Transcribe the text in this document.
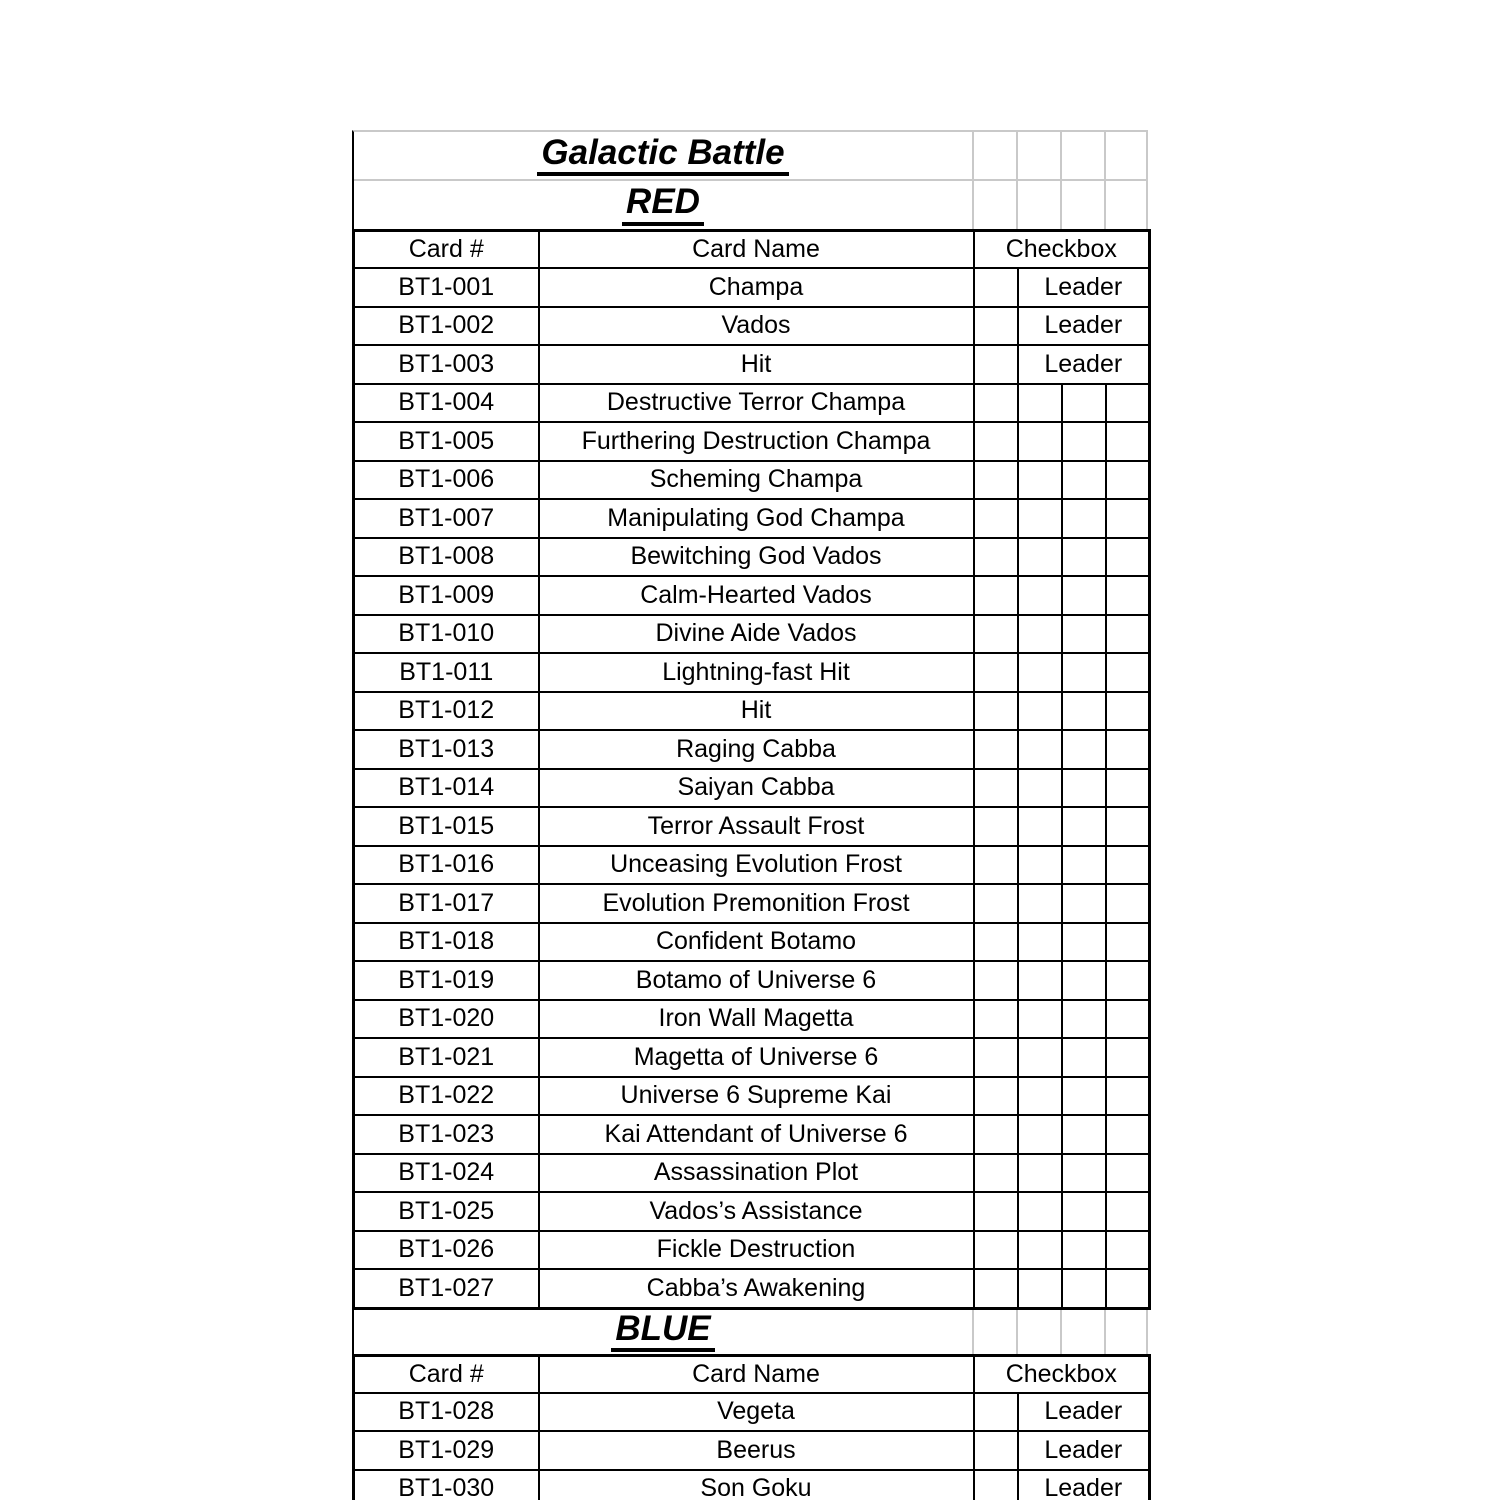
Galactic Battle
RED
Card #	Card Name	Checkbox			
BT1-001	Champa		Leader		
BT1-002	Vados		Leader		
BT1-003	Hit		Leader		
BT1-004	Destructive Terror Champa				
BT1-005	Furthering Destruction Champa				
BT1-006	Scheming Champa				
BT1-007	Manipulating God Champa				
BT1-008	Bewitching God Vados				
BT1-009	Calm-Hearted Vados				
BT1-010	Divine Aide Vados				
BT1-011	Lightning-fast Hit				
BT1-012	Hit				
BT1-013	Raging Cabba				
BT1-014	Saiyan Cabba				
BT1-015	Terror Assault Frost				
BT1-016	Unceasing Evolution Frost				
BT1-017	Evolution Premonition Frost				
BT1-018	Confident Botamo				
BT1-019	Botamo of Universe 6				
BT1-020	Iron Wall Magetta				
BT1-021	Magetta of Universe 6				
BT1-022	Universe 6 Supreme Kai				
BT1-023	Kai Attendant of Universe 6				
BT1-024	Assassination Plot				
BT1-025	Vados’s Assistance				
BT1-026	Fickle Destruction				
BT1-027	Cabba’s Awakening				
BLUE
Card #	Card Name	Checkbox	
BT1-028	Vegeta		Leader
BT1-029	Beerus		Leader
BT1-030	Son Goku		Leader
